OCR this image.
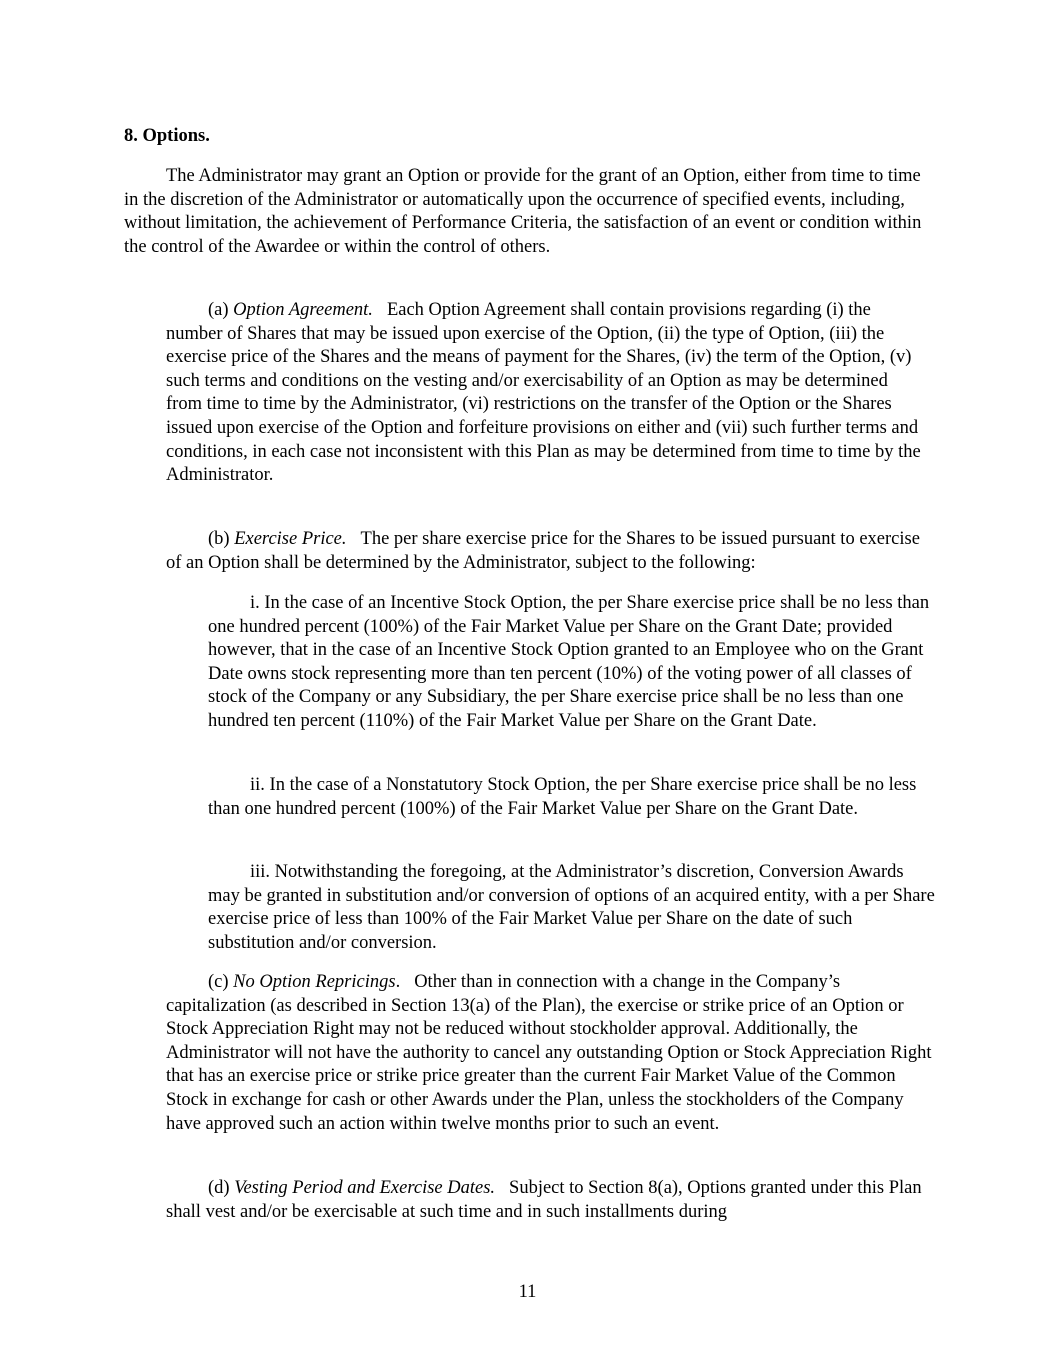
8. Options.

The Administrator may grant an Option or provide for the grant of an Option, either from time to time in the discretion of the Administrator or automatically upon the occurrence of specified events, including, without limitation, the achievement of Performance Criteria, the satisfaction of an event or condition within the control of the Awardee or within the control of others.

(a) Option Agreement. Each Option Agreement shall contain provisions regarding (i) the number of Shares that may be issued upon exercise of the Option, (ii) the type of Option, (iii) the exercise price of the Shares and the means of payment for the Shares, (iv) the term of the Option, (v) such terms and conditions on the vesting and/or exercisability of an Option as may be determined from time to time by the Administrator, (vi) restrictions on the transfer of the Option or the Shares issued upon exercise of the Option and forfeiture provisions on either and (vii) such further terms and conditions, in each case not inconsistent with this Plan as may be determined from time to time by the Administrator.

(b) Exercise Price. The per share exercise price for the Shares to be issued pursuant to exercise of an Option shall be determined by the Administrator, subject to the following:

i. In the case of an Incentive Stock Option, the per Share exercise price shall be no less than one hundred percent (100%) of the Fair Market Value per Share on the Grant Date; provided however, that in the case of an Incentive Stock Option granted to an Employee who on the Grant Date owns stock representing more than ten percent (10%) of the voting power of all classes of stock of the Company or any Subsidiary, the per Share exercise price shall be no less than one hundred ten percent (110%) of the Fair Market Value per Share on the Grant Date.

ii. In the case of a Nonstatutory Stock Option, the per Share exercise price shall be no less than one hundred percent (100%) of the Fair Market Value per Share on the Grant Date.

iii. Notwithstanding the foregoing, at the Administrator’s discretion, Conversion Awards may be granted in substitution and/or conversion of options of an acquired entity, with a per Share exercise price of less than 100% of the Fair Market Value per Share on the date of such substitution and/or conversion.

(c) No Option Repricings. Other than in connection with a change in the Company’s capitalization (as described in Section 13(a) of the Plan), the exercise or strike price of an Option or Stock Appreciation Right may not be reduced without stockholder approval. Additionally, the Administrator will not have the authority to cancel any outstanding Option or Stock Appreciation Right that has an exercise price or strike price greater than the current Fair Market Value of the Common Stock in exchange for cash or other Awards under the Plan, unless the stockholders of the Company have approved such an action within twelve months prior to such an event.

(d) Vesting Period and Exercise Dates. Subject to Section 8(a), Options granted under this Plan shall vest and/or be exercisable at such time and in such installments during

11
